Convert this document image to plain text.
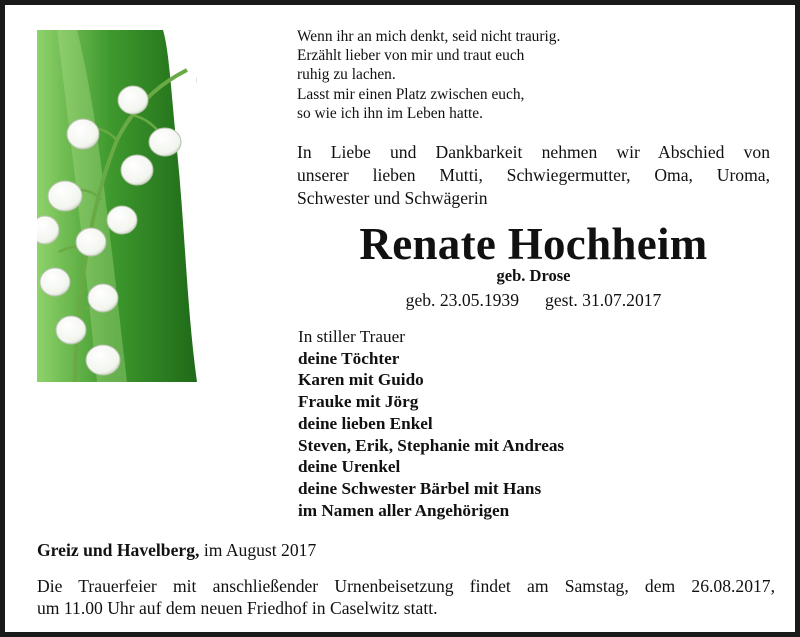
Wenn ihr an mich denkt, seid nicht traurig.
Erzählt lieber von mir und traut euch
ruhig zu lachen.
Lasst mir einen Platz zwischen euch,
so wie ich ihn im Leben hatte.
In Liebe und Dankbarkeit nehmen wir Abschied von
unserer lieben Mutti, Schwiegermutter, Oma, Uroma,
Schwester und Schwägerin
Renate Hochheim
geb. Drose
geb. 23.05.1939 gest. 31.07.2017
In stiller Trauer
deine Töchter
Karen mit Guido
Frauke mit Jörg
deine lieben Enkel
Steven, Erik, Stephanie mit Andreas
deine Urenkel
deine Schwester Bärbel mit Hans
im Namen aller Angehörigen
Greiz und Havelberg, im August 2017
Die Trauerfeier mit anschließender Urnenbeisetzung findet am Samstag, dem 26.08.2017,
um 11.00 Uhr auf dem neuen Friedhof in Caselwitz statt.
